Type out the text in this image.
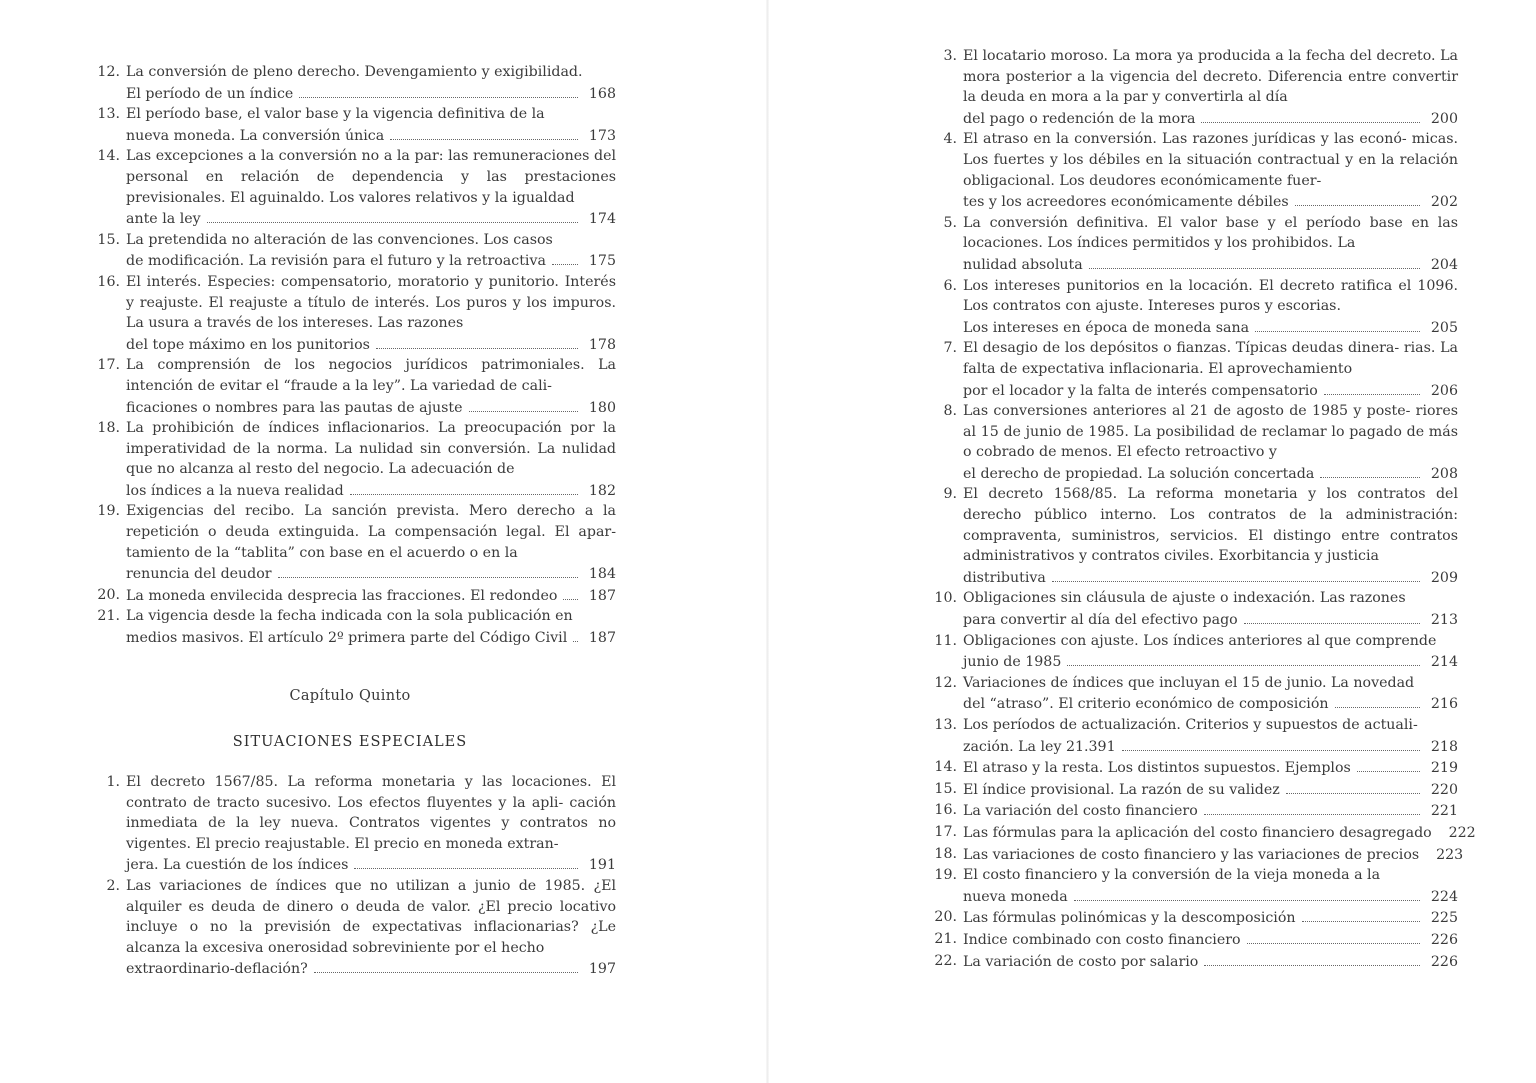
12. La conversión de pleno derecho. Devengamiento y exigibilidad.
El período de un índice	168
13. El período base, el valor base y la vigencia definitiva de la
nueva moneda. La conversión única	173
14. Las excepciones a la conversión no a la par: las remuneraciones del personal en relación de dependencia y las prestaciones previsionales. El aguinaldo. Los valores relativos y la igualdad
ante la ley	174
15. La pretendida no alteración de las convenciones. Los casos
de modificación. La revisión para el futuro y la retroactiva	175
16. El interés. Especies: compensatorio, moratorio y punitorio. Interés y reajuste. El reajuste a título de interés. Los puros y los impuros. La usura a través de los intereses. Las razones
del tope máximo en los punitorios	178
17. La comprensión de los negocios jurídicos patrimoniales. La intención de evitar el “fraude a la ley”. La variedad de cali-
ficaciones o nombres para las pautas de ajuste	180
18. La prohibición de índices inflacionarios. La preocupación por la imperatividad de la norma. La nulidad sin conversión. La nulidad que no alcanza al resto del negocio. La adecuación de
los índices a la nueva realidad	182
19. Exigencias del recibo. La sanción prevista. Mero derecho a la repetición o deuda extinguida. La compensación legal. El apar- tamiento de la “tablita” con base en el acuerdo o en la
renuncia del deudor	184
20. La moneda envilecida desprecia las fracciones. El redondeo	187
21. La vigencia desde la fecha indicada con la sola publicación en
medios masivos. El artículo 2º primera parte del Código Civil	187
Capítulo Quinto
SITUACIONES ESPECIALES
1. El decreto 1567/85. La reforma monetaria y las locaciones. El contrato de tracto sucesivo. Los efectos fluyentes y la apli- cación inmediata de la ley nueva. Contratos vigentes y contratos no vigentes. El precio reajustable. El precio en moneda extran-
jera. La cuestión de los índices	191
2. Las variaciones de índices que no utilizan a junio de 1985. ¿El alquiler es deuda de dinero o deuda de valor. ¿El precio locativo incluye o no la previsión de expectativas inflacionarias? ¿Le alcanza la excesiva onerosidad sobreviniente por el hecho
extraordinario-deflación?	197
3. El locatario moroso. La mora ya producida a la fecha del decreto. La mora posterior a la vigencia del decreto. Diferencia entre convertir la deuda en mora a la par y convertirla al día
del pago o redención de la mora	200
4. El atraso en la conversión. Las razones jurídicas y las econó- micas. Los fuertes y los débiles en la situación contractual y en la relación obligacional. Los deudores económicamente fuer-
tes y los acreedores económicamente débiles	202
5. La conversión definitiva. El valor base y el período base en las locaciones. Los índices permitidos y los prohibidos. La
nulidad absoluta	204
6. Los intereses punitorios en la locación. El decreto ratifica el 1096. Los contratos con ajuste. Intereses puros y escorias.
Los intereses en época de moneda sana	205
7. El desagio de los depósitos o fianzas. Típicas deudas dinera- rias. La falta de expectativa inflacionaria. El aprovechamiento
por el locador y la falta de interés compensatorio	206
8. Las conversiones anteriores al 21 de agosto de 1985 y poste- riores al 15 de junio de 1985. La posibilidad de reclamar lo pagado de más o cobrado de menos. El efecto retroactivo y
el derecho de propiedad. La solución concertada	208
9. El decreto 1568/85. La reforma monetaria y los contratos del derecho público interno. Los contratos de la administración: compraventa, suministros, servicios. El distingo entre contratos administrativos y contratos civiles. Exorbitancia y justicia
distributiva	209
10. Obligaciones sin cláusula de ajuste o indexación. Las razones
para convertir al día del efectivo pago	213
11. Obligaciones con ajuste. Los índices anteriores al que comprende
junio de 1985	214
12. Variaciones de índices que incluyan el 15 de junio. La novedad
del “atraso”. El criterio económico de composición	216
13. Los períodos de actualización. Criterios y supuestos de actuali-
zación. La ley 21.391	218
14. El atraso y la resta. Los distintos supuestos. Ejemplos	219
15. El índice provisional. La razón de su validez	220
16. La variación del costo financiero	221
17. Las fórmulas para la aplicación del costo financiero desagregado	222
18. Las variaciones de costo financiero y las variaciones de precios	223
19. El costo financiero y la conversión de la vieja moneda a la
nueva moneda	224
20. Las fórmulas polinómicas y la descomposición	225
21. Indice combinado con costo financiero	226
22. La variación de costo por salario	226
